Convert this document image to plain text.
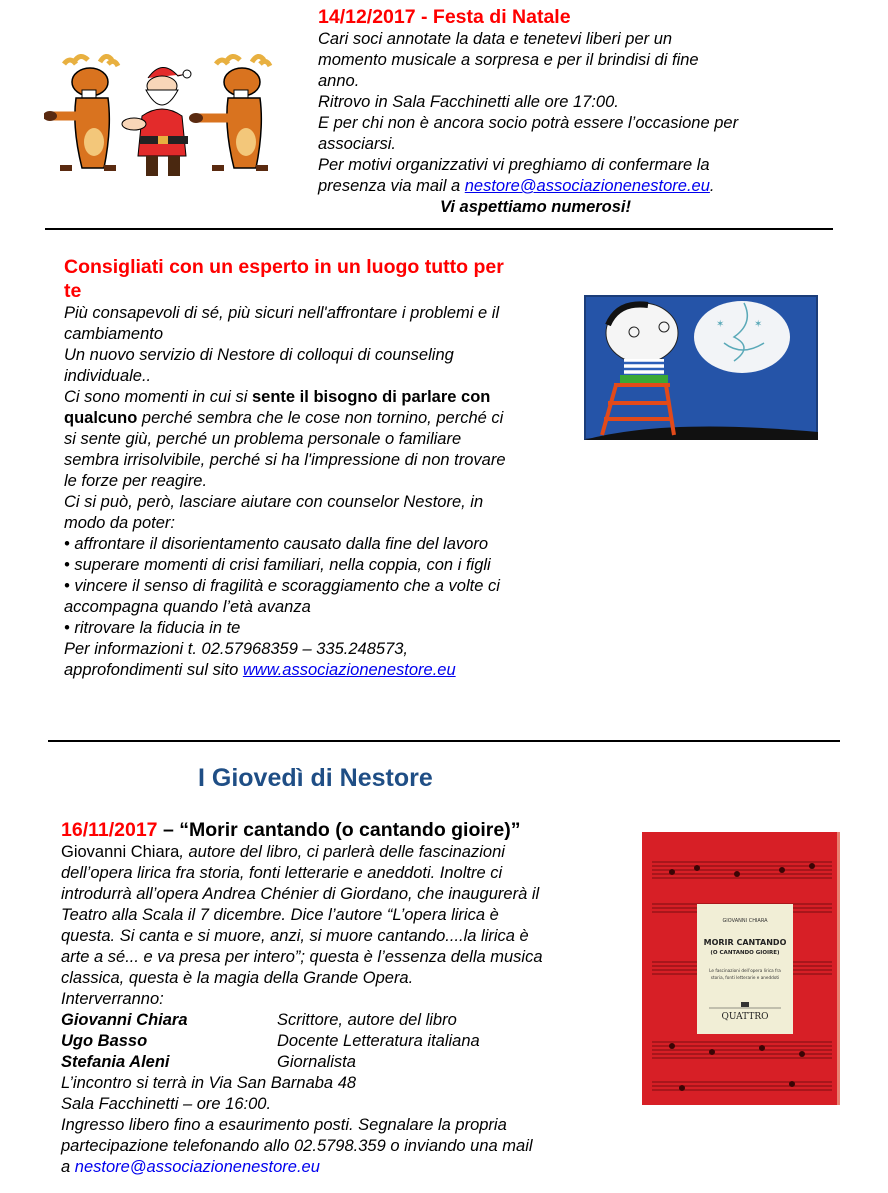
14/12/2017 - Festa di Natale
Cari soci annotate la data e tenetevi liberi per un
momento musicale a sorpresa e per il brindisi di fine
anno.
Ritrovo in Sala Facchinetti alle ore 17:00.
E per chi non è ancora socio potrà essere l’occasione per
associarsi.
Per motivi organizzativi vi preghiamo di confermare la
presenza via mail a nestore@associazionenestore.eu.
Vi aspettiamo numerosi!
Consigliati con un esperto in un luogo tutto per
te
Più consapevoli di sé, più sicuri nell'affrontare i problemi e il
cambiamento
Un nuovo servizio di Nestore di colloqui di counseling
individuale..
Ci sono momenti in cui si sente il bisogno di parlare con
qualcuno perché sembra che le cose non tornino, perché ci
si sente giù, perché un problema personale o familiare
sembra irrisolvibile, perché si ha l'impressione di non trovare
le forze per reagire.
Ci si può, però, lasciare aiutare con counselor Nestore, in
modo da poter:
• affrontare il disorientamento causato dalla fine del lavoro
• superare momenti di crisi familiari, nella coppia, con i figli
• vincere il senso di fragilità e scoraggiamento che a volte ci
accompagna quando l’età avanza
• ritrovare la fiducia in te
Per informazioni t. 02.57968359 – 335.248573,
approfondimenti sul sito www.associazionenestore.eu
✶	✶
I Giovedì di Nestore
16/11/2017 – “Morir cantando (o cantando gioire)”
Giovanni Chiara, autore del libro, ci parlerà delle fascinazioni
dell’opera lirica fra storia, fonti letterarie e aneddoti. Inoltre ci
introdurrà all’opera Andrea Chénier di Giordano, che inaugurerà il
Teatro alla Scala il 7 dicembre. Dice l’autore “L’opera lirica è
questa. Si canta e si muore, anzi, si muore cantando....la lirica è
arte a sé... e va presa per intero”; questa è l’essenza della musica
classica, questa è la magia della Grande Opera.
Interverranno:
Giovanni Chiara	Scrittore, autore del libro
Ugo Basso	Docente Letteratura italiana
Stefania Aleni	Giornalista
L’incontro si terrà in Via San Barnaba 48
Sala Facchinetti – ore 16:00.
Ingresso libero fino a esaurimento posti. Segnalare la propria
partecipazione telefonando allo 02.5798.359 o inviando una mail
a nestore@associazionenestore.eu
GIOVANNI CHIARA
MORIR CANTANDO
(O CANTANDO GIOIRE)
Le fascinazioni dell’opera lirica fra
storia, fonti letterarie e aneddoti
QUATTRO
